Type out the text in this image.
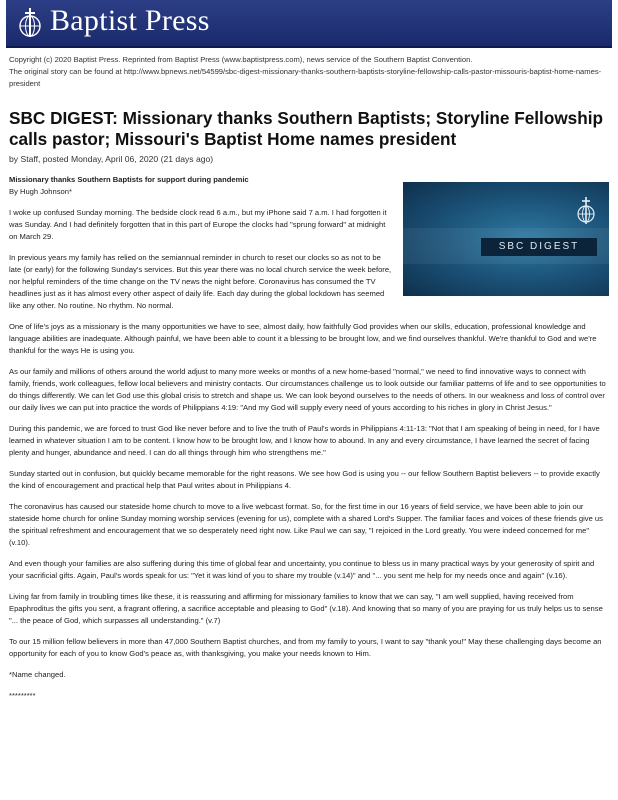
Baptist Press
Copyright (c) 2020 Baptist Press. Reprinted from Baptist Press (www.baptistpress.com), news service of the Southern Baptist Convention.
The original story can be found at http://www.bpnews.net/54599/sbc-digest-missionary-thanks-southern-baptists-storyline-fellowship-calls-pastor-missouris-baptist-home-names-president
SBC DIGEST: Missionary thanks Southern Baptists; Storyline Fellowship calls pastor; Missouri's Baptist Home names president
by Staff, posted Monday, April 06, 2020 (21 days ago)
SBC DIGEST
Missionary thanks Southern Baptists for support during pandemic
By Hugh Johnson*
I woke up confused Sunday morning. The bedside clock read 6 a.m., but my iPhone said 7 a.m. I had forgotten it was Sunday. And I had definitely forgotten that in this part of Europe the clocks had "sprung forward" at midnight on March 29.
In previous years my family has relied on the semiannual reminder in church to reset our clocks so as not to be late (or early) for the following Sunday's services. But this year there was no local church service the week before, nor helpful reminders of the time change on the TV news the night before. Coronavirus has consumed the TV headlines just as it has almost every other aspect of daily life. Each day during the global lockdown has seemed like any other. No routine. No rhythm. No normal.
One of life's joys as a missionary is the many opportunities we have to see, almost daily, how faithfully God provides when our skills, education, professional knowledge and language abilities are inadequate. Although painful, we have been able to count it a blessing to be brought low, and we find ourselves thankful. We're thankful to God and we're thankful for the ways He is using you.
As our family and millions of others around the world adjust to many more weeks or months of a new home-based "normal," we need to find innovative ways to connect with family, friends, work colleagues, fellow local believers and ministry contacts. Our circumstances challenge us to look outside our familiar patterns of life and to see opportunities to do things differently. We can let God use this global crisis to stretch and shape us. We can look beyond ourselves to the needs of others. In our weakness and loss of control over our daily lives we can put into practice the words of Philippians 4:19: "And my God will supply every need of yours according to his riches in glory in Christ Jesus."
During this pandemic, we are forced to trust God like never before and to live the truth of Paul's words in Philippians 4:11-13: "Not that I am speaking of being in need, for I have learned in whatever situation I am to be content. I know how to be brought low, and I know how to abound. In any and every circumstance, I have learned the secret of facing plenty and hunger, abundance and need. I can do all things through him who strengthens me."
Sunday started out in confusion, but quickly became memorable for the right reasons. We see how God is using you -- our fellow Southern Baptist believers -- to provide exactly the kind of encouragement and practical help that Paul writes about in Philippians 4.
The coronavirus has caused our stateside home church to move to a live webcast format. So, for the first time in our 16 years of field service, we have been able to join our stateside home church for online Sunday morning worship services (evening for us), complete with a shared Lord's Supper. The familiar faces and voices of these friends give us the spiritual refreshment and encouragement that we so desperately need right now. Like Paul we can say, "I rejoiced in the Lord greatly. You were indeed concerned for me" (v.10).
And even though your families are also suffering during this time of global fear and uncertainty, you continue to bless us in many practical ways by your generosity of spirit and your sacrificial gifts. Again, Paul's words speak for us: "Yet it was kind of you to share my trouble (v.14)" and "... you sent me help for my needs once and again" (v.16).
Living far from family in troubling times like these, it is reassuring and affirming for missionary families to know that we can say, "I am well supplied, having received from Epaphroditus the gifts you sent, a fragrant offering, a sacrifice acceptable and pleasing to God" (v.18). And knowing that so many of you are praying for us truly helps us to sense "... the peace of God, which surpasses all understanding." (v.7)
To our 15 million fellow believers in more than 47,000 Southern Baptist churches, and from my family to yours, I want to say "thank you!" May these challenging days become an opportunity for each of you to know God's peace as, with thanksgiving, you make your needs known to Him.
*Name changed.
*********
